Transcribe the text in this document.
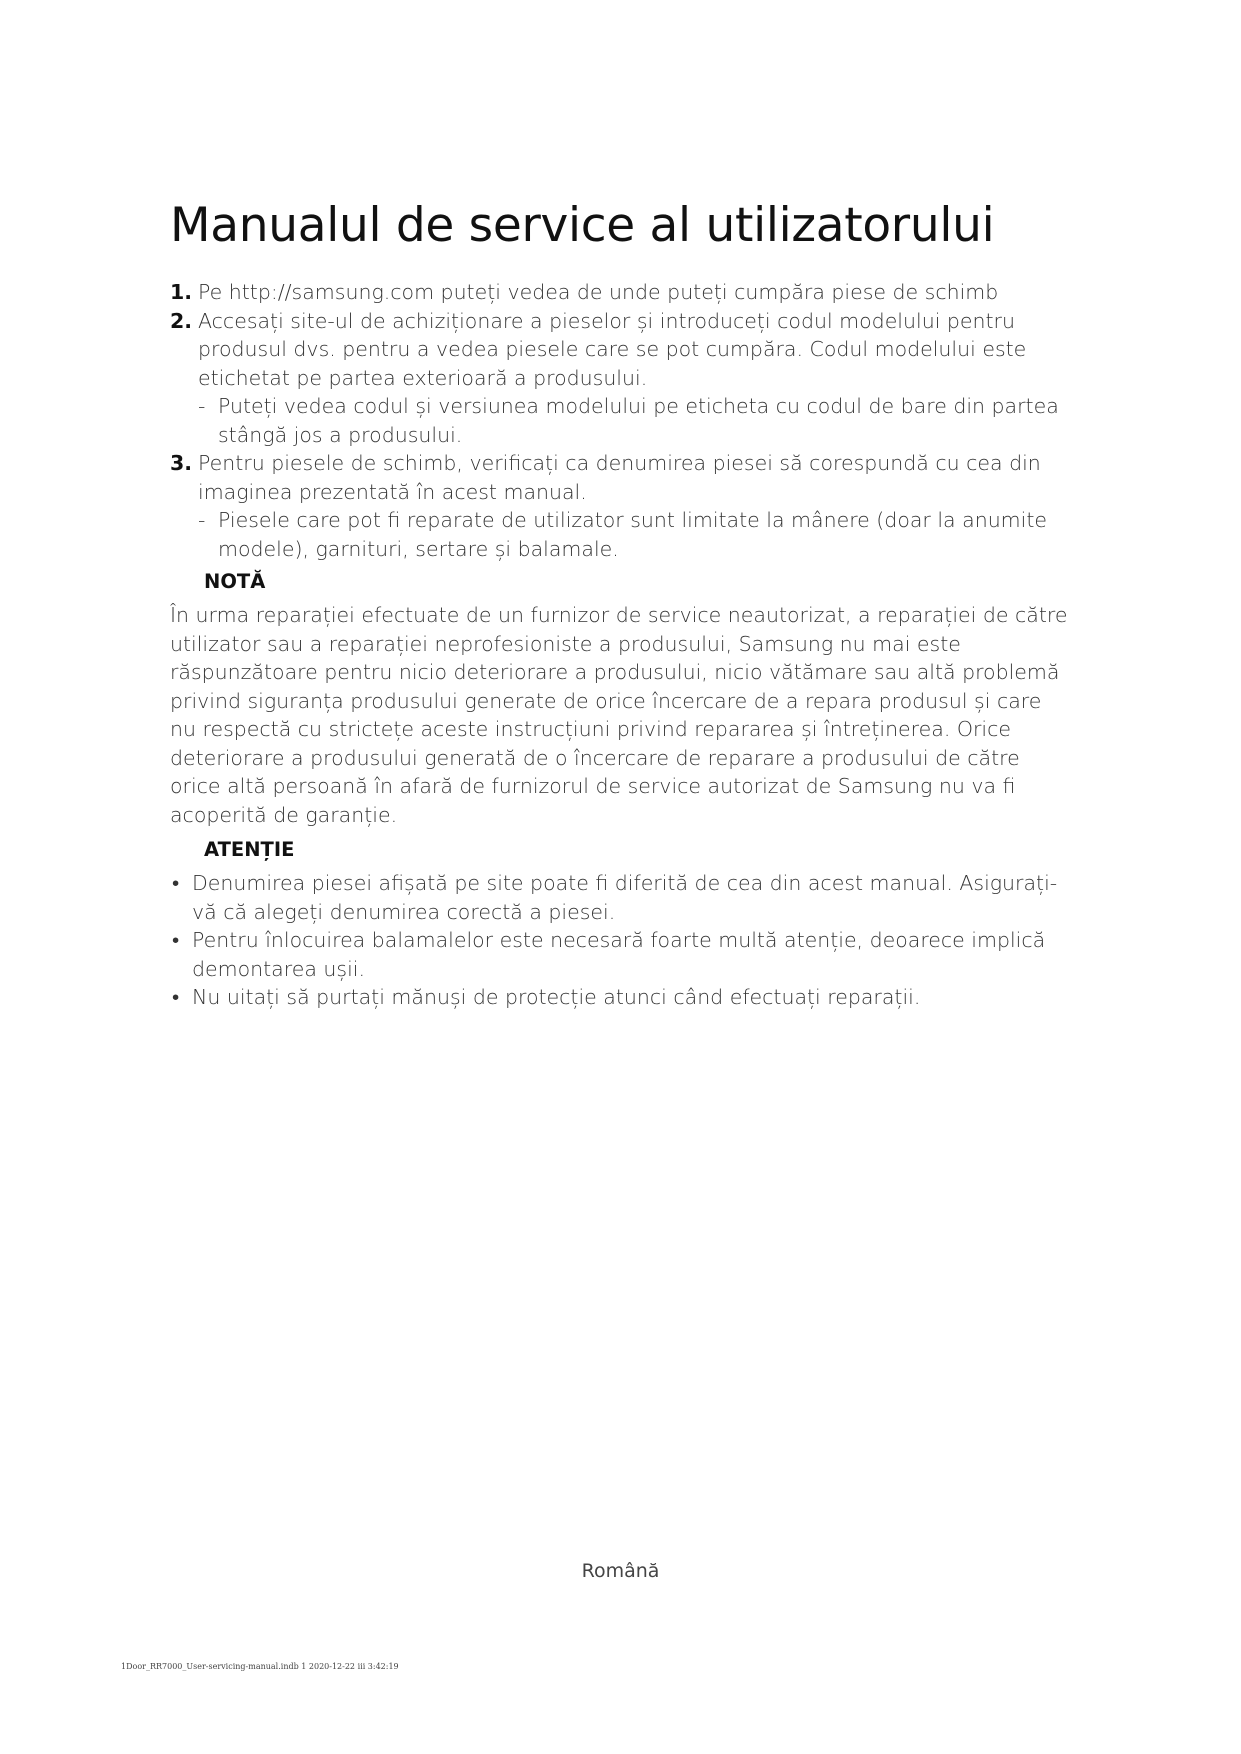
Manualul de service al utilizatorului
1. Pe http://samsung.com puteți vedea de unde puteți cumpăra piese de schimb
2. Accesați site-ul de achiziționare a pieselor și introduceți codul modelului pentru produsul dvs. pentru a vedea piesele care se pot cumpăra. Codul modelului este etichetat pe partea exterioară a produsului.
- Puteți vedea codul și versiunea modelului pe eticheta cu codul de bare din partea stângă jos a produsului.
3. Pentru piesele de schimb, verificați ca denumirea piesei să corespundă cu cea din imaginea prezentată în acest manual.
- Piesele care pot fi reparate de utilizator sunt limitate la mânere (doar la anumite modele), garnituri, sertare și balamale.
NOTĂ
În urma reparației efectuate de un furnizor de service neautorizat, a reparației de către utilizator sau a reparației neprofesioniste a produsului, Samsung nu mai este răspunzătoare pentru nicio deteriorare a produsului, nicio vătămare sau altă problemă privind siguranța produsului generate de orice încercare de a repara produsul și care nu respectă cu strictețe aceste instrucțiuni privind repararea și întreținerea. Orice deteriorare a produsului generată de o încercare de reparare a produsului de către orice altă persoană în afară de furnizorul de service autorizat de Samsung nu va fi acoperită de garanție.
ATENȚIE
• Denumirea piesei afișată pe site poate fi diferită de cea din acest manual. Asigurați-vă că alegeți denumirea corectă a piesei.
• Pentru înlocuirea balamalelor este necesară foarte multă atenție, deoarece implică demontarea ușii.
• Nu uitați să purtați mănuși de protecție atunci când efectuați reparații.
Română
1Door_RR7000_User-servicing-manual.indb 1 2020-12-22 ⅲ 3:42:19
